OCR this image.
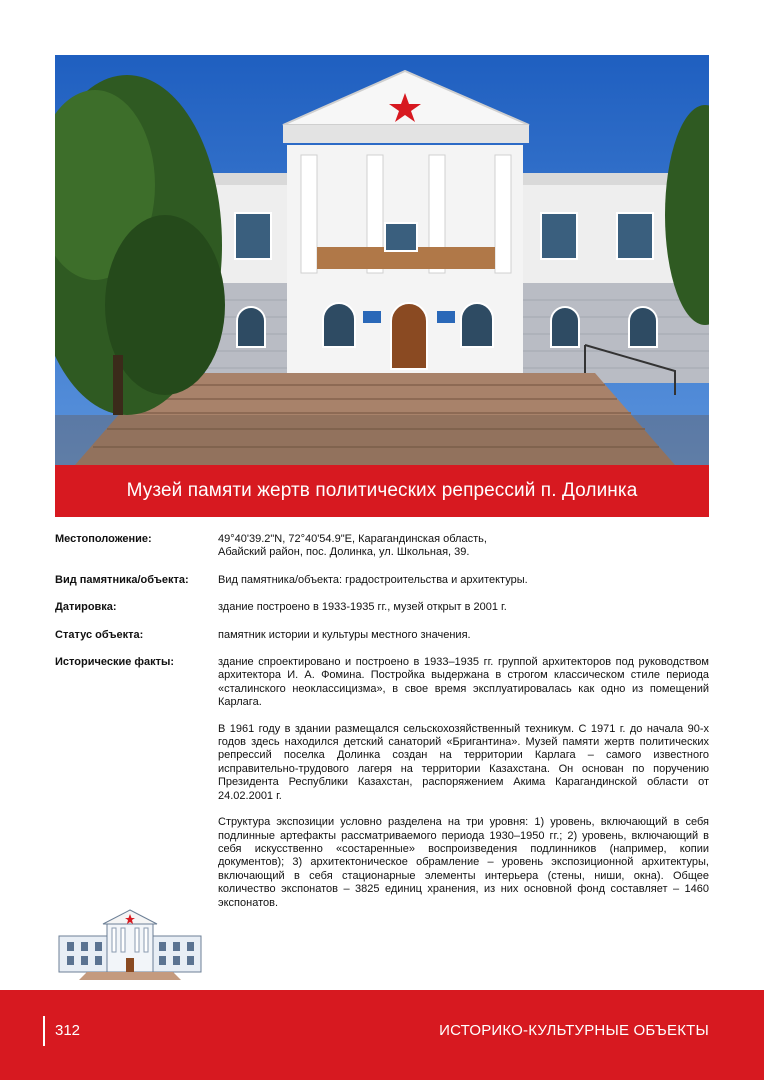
Музей памяти жертв политических репрессий п. Долинка
Местоположение:	49°40'39.2"N, 72°40'54.9"E, Карагандинская область,
Абайский район, пос. Долинка, ул. Школьная, 39.
Вид памятника/объекта:	Вид памятника/объекта: градостроительства и архитектуры.
Датировка:	здание построено в 1933-1935 гг., музей открыт в 2001 г.
Статус объекта:	памятник истории и культуры местного значения.
Исторические факты:	здание спроектировано и построено в 1933–1935 гг. группой архитекторов под руководством архитектора И. А. Фомина. Постройка выдержана в строгом классическом стиле периода «сталинского неоклассицизма», в свое время эксплуатировалась как одно из помещений Карлага.

В 1961 году в здании размещался сельскохозяйственный техникум. С 1971 г. до начала 90-х годов здесь находился детский санаторий «Бригантина». Музей памяти жертв политических репрессий поселка Долинка создан на территории Карлага – самого известного исправительно-трудового лагеря на территории Казахстана. Он основан по поручению Президента Республики Казахстан, распоряжением Акима Карагандинской области от 24.02.2001 г.

Структура экспозиции условно разделена на три уровня: 1) уровень, включающий в себя подлинные артефакты рассматриваемого периода 1930–1950 гг.; 2) уровень, включающий в себя искусственно «состаренные» воспроизведения подлинников (например, копии документов); 3) архитектоническое обрамление – уровень экспозиционной архитектуры, включающий в себя стационарные элементы интерьера (стены, ниши, окна). Общее количество экспонатов – 3825 единиц хранения, из них основной фонд составляет – 1460 экспонатов.

312	ИСТОРИКО-КУЛЬТУРНЫЕ ОБЪЕКТЫ
